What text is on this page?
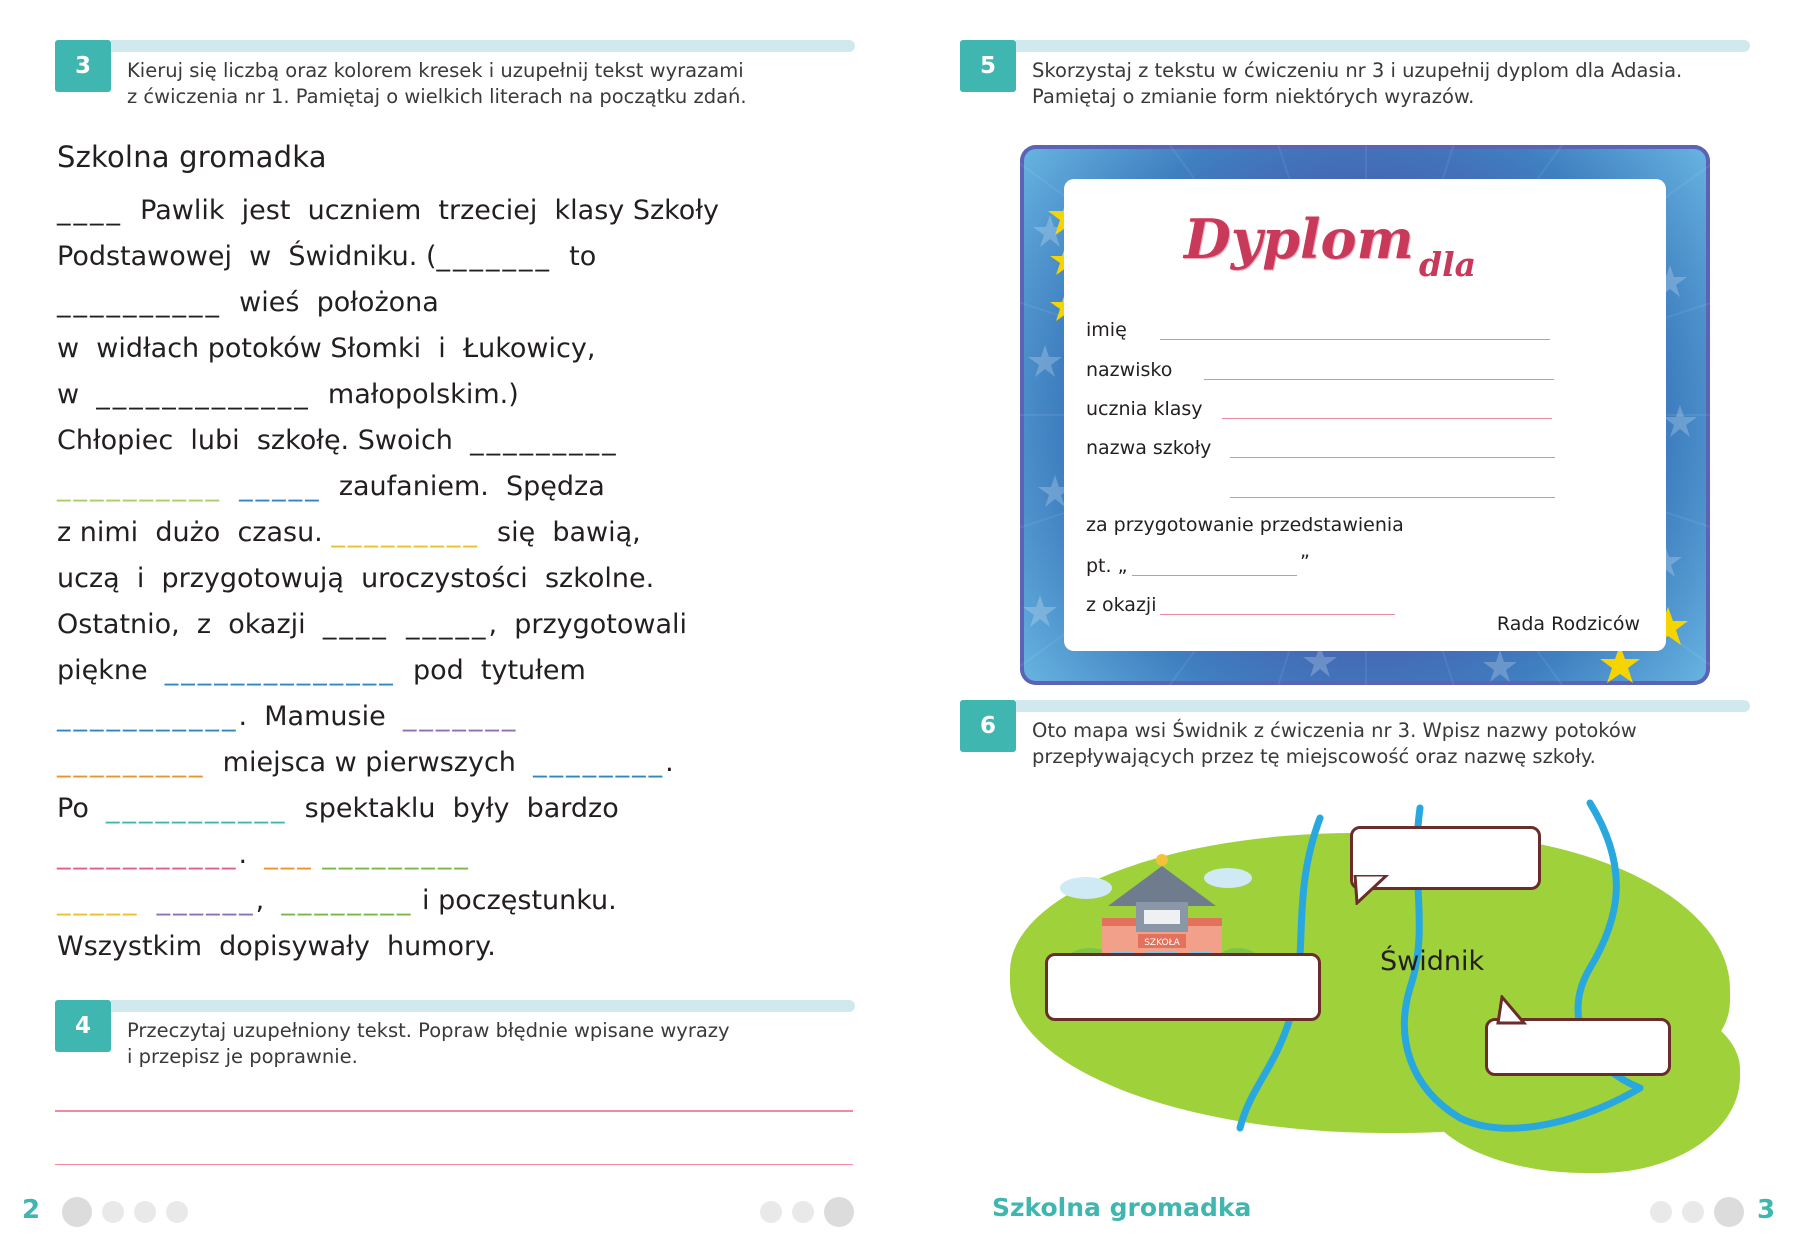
3	Kieruj się liczbą oraz kolorem kresek i uzupełnij tekst wyrazami
z ćwiczenia nr 1. Pamiętaj o wielkich literach na początku zdań.
Szkolna gromadka
____  Pawlik  jest  uczniem  trzeciej  klasy Szkoły
Podstawowej  w  Świdniku. (_______  to
__________  wieś  położona
w  widłach potoków Słomki  i  Łukowicy,
w  _____________  małopolskim.)
Chłopiec  lubi  szkołę. Swoich  _________
__________ _____  zaufaniem.  Spędza
z nimi  dużo  czasu. _________  się  bawią,
uczą  i  przygotowują  uroczystości  szkolne.
Ostatnio,  z  okazji  ____ _____,  przygotowali
piękne  ______________  pod  tytułem
___________.  Mamusie  _______
_________  miejsca w pierwszych  ________.
Po  ___________  spektaklu  były  bardzo
___________.  ___ _________
_____ ______,  ________ i poczęstunku.
Wszystkim  dopisywały  humory.
4	Przeczytaj uzupełniony tekst. Popraw błędnie wpisane wyrazy
i przepisz je poprawnie.
5	Skorzystaj z tekstu w ćwiczeniu nr 3 i uzupełnij dyplom dla Adasia.
Pamiętaj o zmianie form niektórych wyrazów.
Dyplom dla
imię
nazwisko
ucznia klasy
nazwa szkoły
za przygotowanie przedstawienia
pt. „	”
z okazji
Rada Rodziców
6	Oto mapa wsi Świdnik z ćwiczenia nr 3. Wpisz nazwy potoków
przepływających przez tę miejscowość oraz nazwę szkoły.
SZKOŁA
Świdnik
2	Szkolna gromadka	3
